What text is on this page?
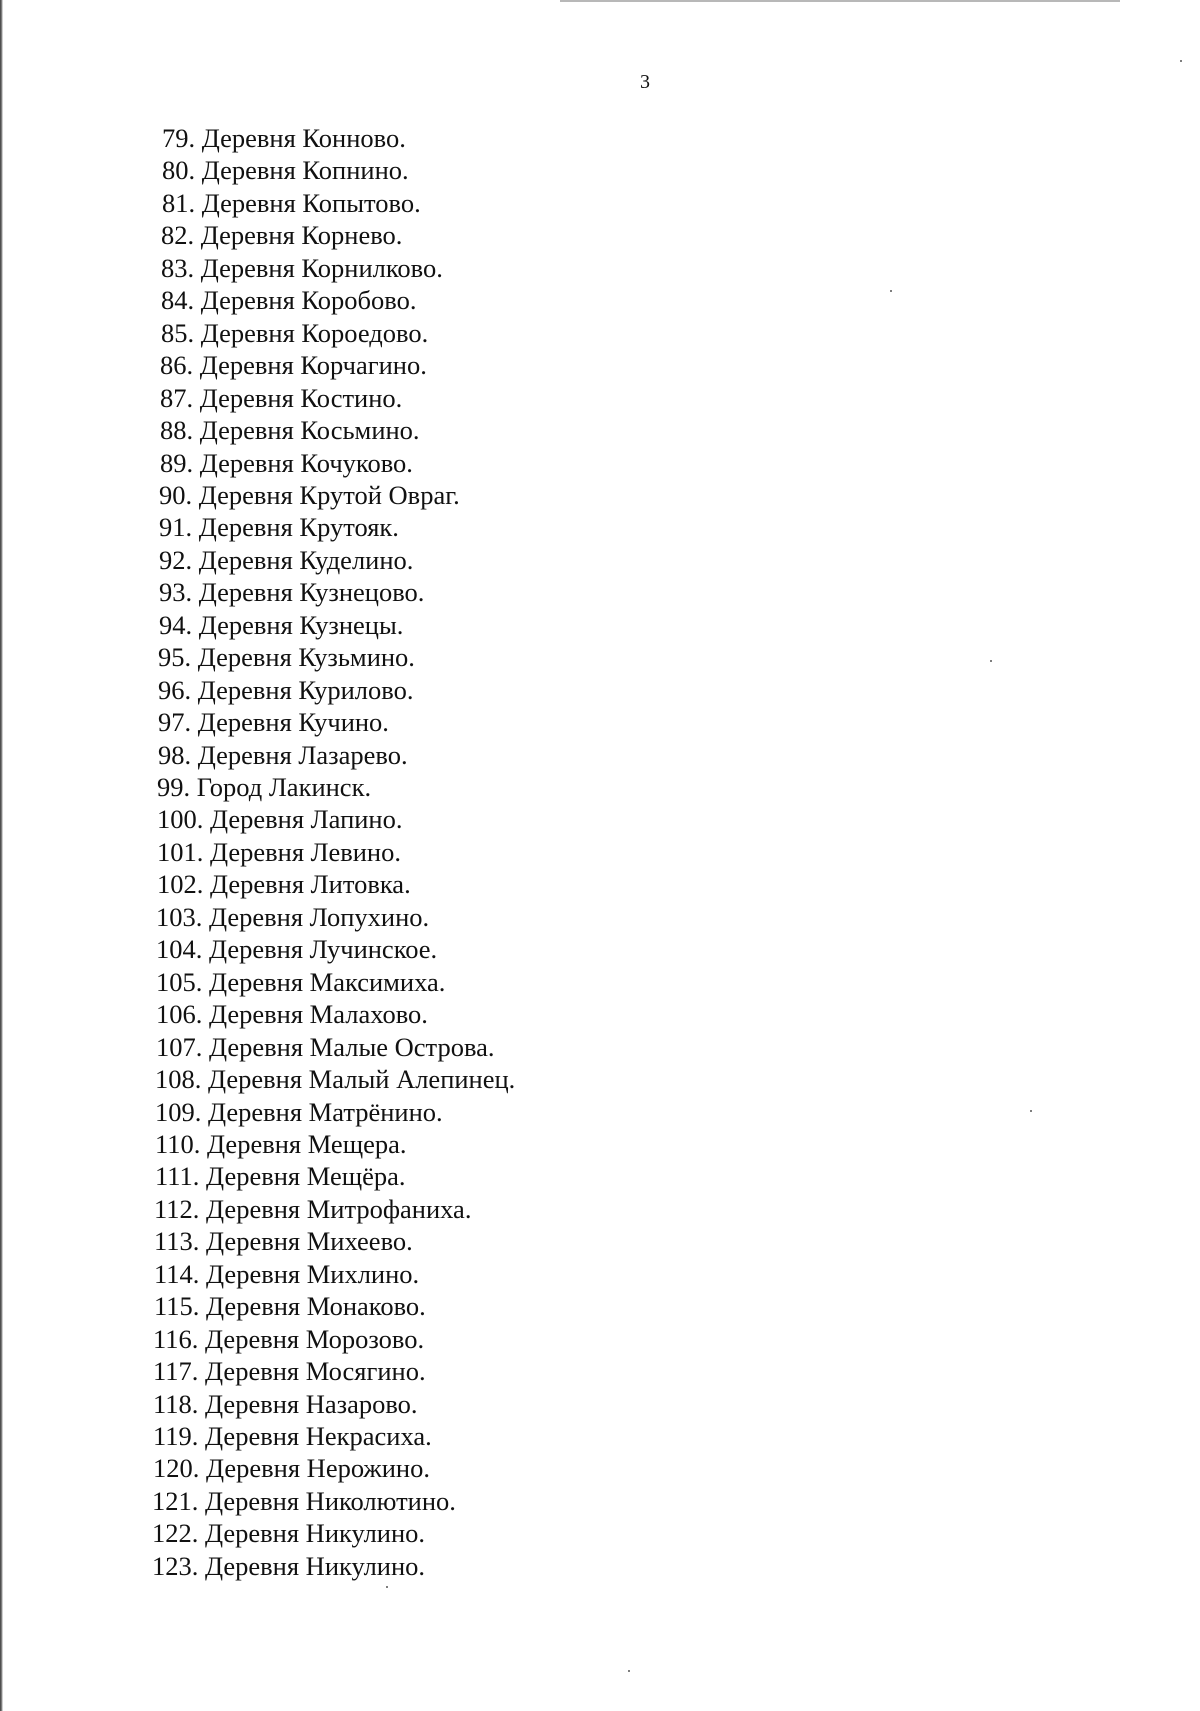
3
79. Деревня Конново.
80. Деревня Копнино.
81. Деревня Копытово.
82. Деревня Корнево.
83. Деревня Корнилково.
84. Деревня Коробово.
85. Деревня Короедово.
86. Деревня Корчагино.
87. Деревня Костино.
88. Деревня Косьмино.
89. Деревня Кочуково.
90. Деревня Крутой Овраг.
91. Деревня Крутояк.
92. Деревня Куделино.
93. Деревня Кузнецово.
94. Деревня Кузнецы.
95. Деревня Кузьмино.
96. Деревня Курилово.
97. Деревня Кучино.
98. Деревня Лазарево.
99. Город Лакинск.
100. Деревня Лапино.
101. Деревня Левино.
102. Деревня Литовка.
103. Деревня Лопухино.
104. Деревня Лучинское.
105. Деревня Максимиха.
106. Деревня Малахово.
107. Деревня Малые Острова.
108. Деревня Малый Алепинец.
109. Деревня Матрёнино.
110. Деревня Мещера.
111. Деревня Мещёра.
112. Деревня Митрофаниха.
113. Деревня Михеево.
114. Деревня Михлино.
115. Деревня Монаково.
116. Деревня Морозово.
117. Деревня Мосягино.
118. Деревня Назарово.
119. Деревня Некрасиха.
120. Деревня Нерожино.
121. Деревня Николютино.
122. Деревня Никулино.
123. Деревня Никулино.
